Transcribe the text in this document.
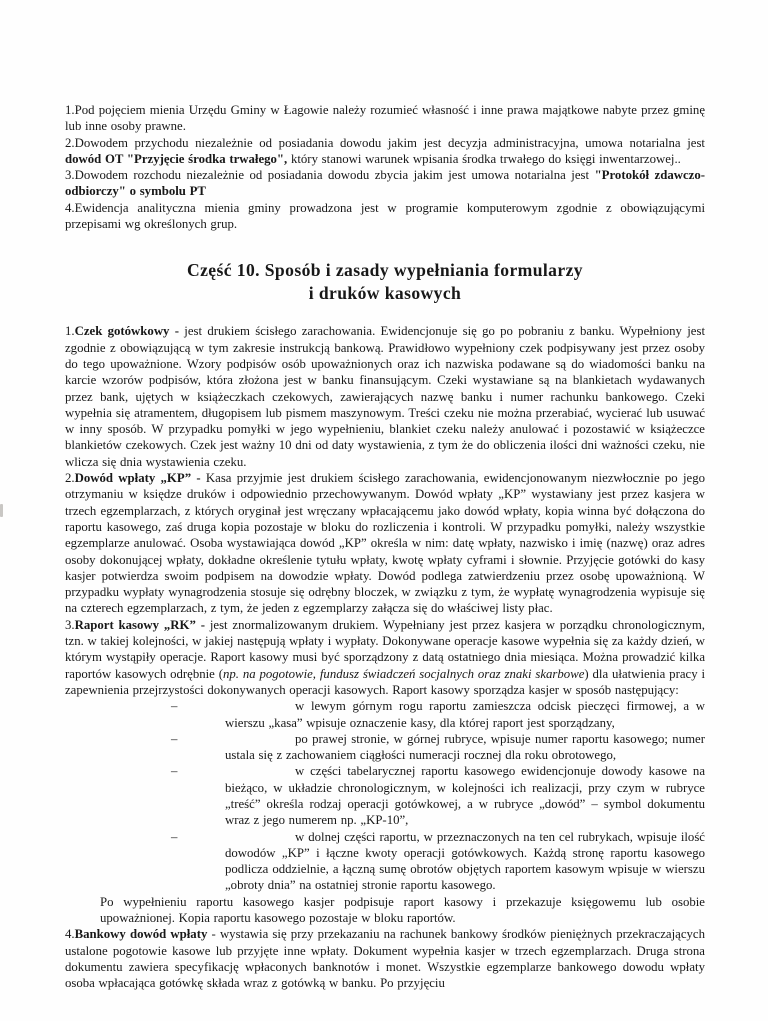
1.Pod pojęciem mienia Urzędu Gminy w Łagowie należy rozumieć własność i inne prawa majątkowe nabyte przez gminę lub inne osoby prawne.

2.Dowodem przychodu niezależnie od posiadania dowodu jakim jest decyzja administracyjna, umowa notarialna jest dowód OT "Przyjęcie środka trwałego", który stanowi warunek wpisania środka trwałego do księgi inwentarzowej..

3.Dowodem rozchodu niezależnie od posiadania dowodu zbycia jakim jest umowa notarialna jest "Protokół zdawczo-odbiorczy" o symbolu PT

4.Ewidencja analityczna mienia gminy prowadzona jest w programie komputerowym zgodnie z obowiązującymi przepisami wg określonych grup.

Część 10. Sposób i zasady wypełniania formularzy
i druków kasowych

1.Czek gotówkowy - jest drukiem ścisłego zarachowania. Ewidencjonuje się go po pobraniu z banku. Wypełniony jest zgodnie z obowiązującą w tym zakresie instrukcją bankową. Prawidłowo wypełniony czek podpisywany jest przez osoby do tego upoważnione. Wzory podpisów osób upoważnionych oraz ich nazwiska podawane są do wiadomości banku na karcie wzorów podpisów, która złożona jest w banku finansującym. Czeki wystawiane są na blankietach wydawanych przez bank, ujętych w książeczkach czekowych, zawierających nazwę banku i numer rachunku bankowego. Czeki wypełnia się atramentem, długopisem lub pismem maszynowym. Treści czeku nie można przerabiać, wycierać lub usuwać w inny sposób. W przypadku pomyłki w jego wypełnieniu, blankiet czeku należy anulować i pozostawić w książeczce blankietów czekowych. Czek jest ważny 10 dni od daty wystawienia, z tym że do obliczenia ilości dni ważności czeku, nie wlicza się dnia wystawienia czeku.

2.Dowód wpłaty „KP” - Kasa przyjmie jest drukiem ścisłego zarachowania, ewidencjonowanym niezwłocznie po jego otrzymaniu w księdze druków i odpowiednio przechowywanym. Dowód wpłaty „KP” wystawiany jest przez kasjera w trzech egzemplarzach, z których oryginał jest wręczany wpłacającemu jako dowód wpłaty, kopia winna być dołączona do raportu kasowego, zaś druga kopia pozostaje w bloku do rozliczenia i kontroli. W przypadku pomyłki, należy wszystkie egzemplarze anulować. Osoba wystawiająca dowód „KP” określa w nim: datę wpłaty, nazwisko i imię (nazwę) oraz adres osoby dokonującej wpłaty, dokładne określenie tytułu wpłaty, kwotę wpłaty cyframi i słownie. Przyjęcie gotówki do kasy kasjer potwierdza swoim podpisem na dowodzie wpłaty. Dowód podlega zatwierdzeniu przez osobę upoważnioną. W przypadku wypłaty wynagrodzenia stosuje się odrębny bloczek, w związku z tym, że wypłatę wynagrodzenia wypisuje się na czterech egzemplarzach, z tym, że jeden z egzemplarzy załącza się do właściwej listy płac.

3.Raport kasowy „RK” - jest znormalizowanym drukiem. Wypełniany jest przez kasjera w porządku chronologicznym, tzn. w takiej kolejności, w jakiej następują wpłaty i wypłaty. Dokonywane operacje kasowe wypełnia się za każdy dzień, w którym wystąpiły operacje. Raport kasowy musi być sporządzony z datą ostatniego dnia miesiąca. Można prowadzić kilka raportów kasowych odrębnie (np. na pogotowie, fundusz świadczeń socjalnych oraz znaki skarbowe) dla ułatwienia pracy i zapewnienia przejrzystości dokonywanych operacji kasowych. Raport kasowy sporządza kasjer w sposób następujący:

–	w lewym górnym rogu raportu zamieszcza odcisk pieczęci firmowej, a w wierszu „kasa” wpisuje oznaczenie kasy, dla której raport jest sporządzany,
–	po prawej stronie, w górnej rubryce, wpisuje numer raportu kasowego; numer ustala się z zachowaniem ciągłości numeracji rocznej dla roku obrotowego,
–	w części tabelarycznej raportu kasowego ewidencjonuje dowody kasowe na bieżąco, w układzie chronologicznym, w kolejności ich realizacji, przy czym w rubryce „treść” określa rodzaj operacji gotówkowej, a w rubryce „dowód” – symbol dokumentu wraz z jego numerem np. „KP-10”,
–	w dolnej części raportu, w przeznaczonych na ten cel rubrykach, wpisuje ilość dowodów „KP” i łączne kwoty operacji gotówkowych. Każdą stronę raportu kasowego podlicza oddzielnie, a łączną sumę obrotów objętych raportem kasowym wpisuje w wierszu „obroty dnia” na ostatniej stronie raportu kasowego.

Po wypełnieniu raportu kasowego kasjer podpisuje raport kasowy i przekazuje księgowemu lub osobie upoważnionej. Kopia raportu kasowego pozostaje w bloku raportów.

4.Bankowy dowód wpłaty - wystawia się przy przekazaniu na rachunek bankowy środków pieniężnych przekraczających ustalone pogotowie kasowe lub przyjęte inne wpłaty. Dokument wypełnia kasjer w trzech egzemplarzach. Druga strona dokumentu zawiera specyfikację wpłaconych banknotów i monet. Wszystkie egzemplarze bankowego dowodu wpłaty osoba wpłacająca gotówkę składa wraz z gotówką w banku. Po przyjęciu
